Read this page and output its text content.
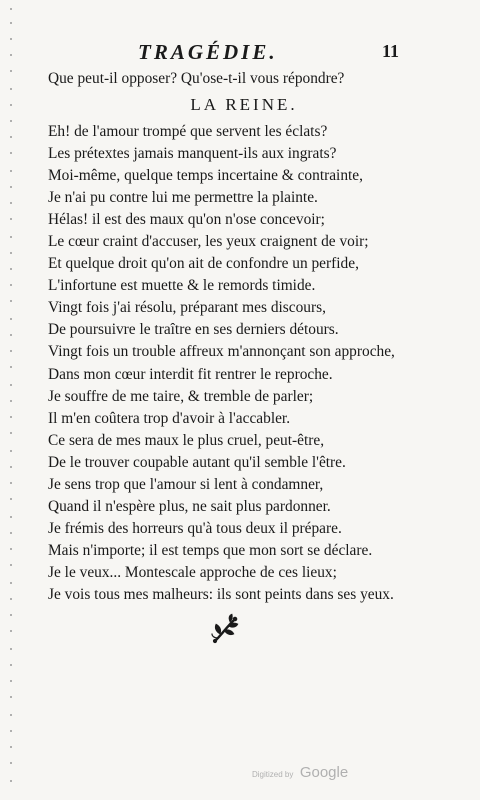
TRAGÉDIE.	11
Que peut-il opposer? Qu'ose-t-il vous répondre?
LA REINE.
Eh! de l'amour trompé que servent les éclats?
Les prétextes jamais manquent-ils aux ingrats?
Moi-même, quelque temps incertaine & contrainte,
Je n'ai pu contre lui me permettre la plainte.
Hélas! il est des maux qu'on n'ose concevoir;
Le cœur craint d'accuser, les yeux craignent de voir;
Et quelque droit qu'on ait de confondre un perfide,
L'infortune est muette & le remords timide.
Vingt fois j'ai résolu, préparant mes discours,
De poursuivre le traître en ses derniers détours.
Vingt fois un trouble affreux m'annonçant son approche,
Dans mon cœur interdit fit rentrer le reproche.
Je souffre de me taire, & tremble de parler;
Il m'en coûtera trop d'avoir à l'accabler.
Ce sera de mes maux le plus cruel, peut-être,
De le trouver coupable autant qu'il semble l'être.
Je sens trop que l'amour si lent à condamner,
Quand il n'espère plus, ne sait plus pardonner.
Je frémis des horreurs qu'à tous deux il prépare.
Mais n'importe; il est temps que mon sort se déclare.
Je le veux... Montescale approche de ces lieux;
Je vois tous mes malheurs: ils sont peints dans ses yeux.
Digitized by Google
